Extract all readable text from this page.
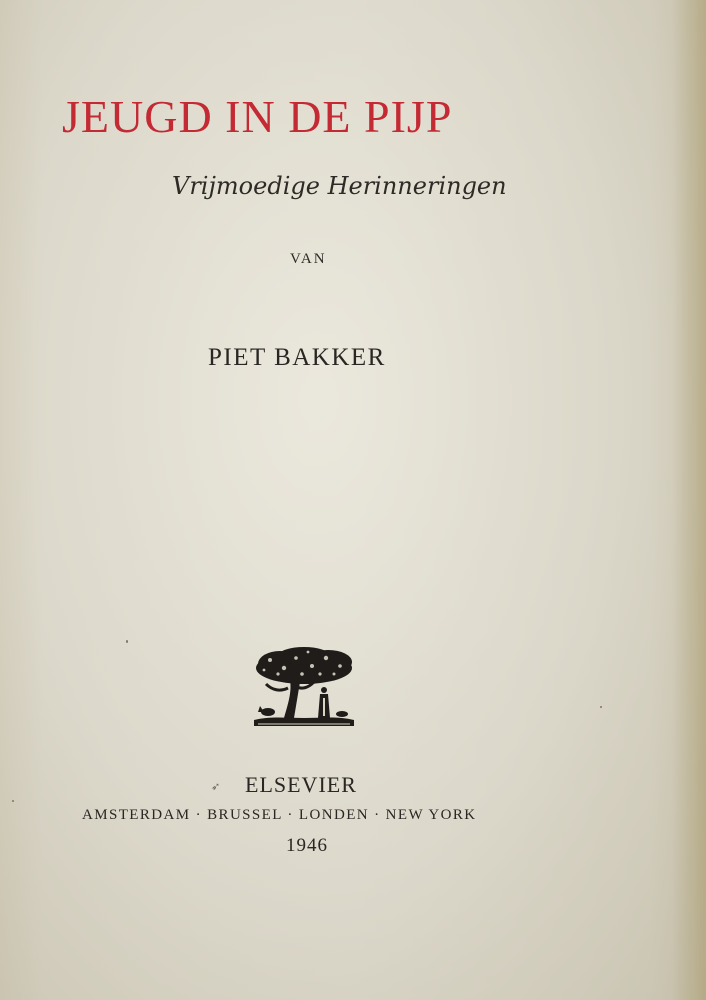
JEUGD IN DE PIJP
Vrijmoedige Herinneringen
VAN
PIET BAKKER
➶ ELSEVIER
AMSTERDAM · BRUSSEL · LONDEN · NEW YORK
1946
